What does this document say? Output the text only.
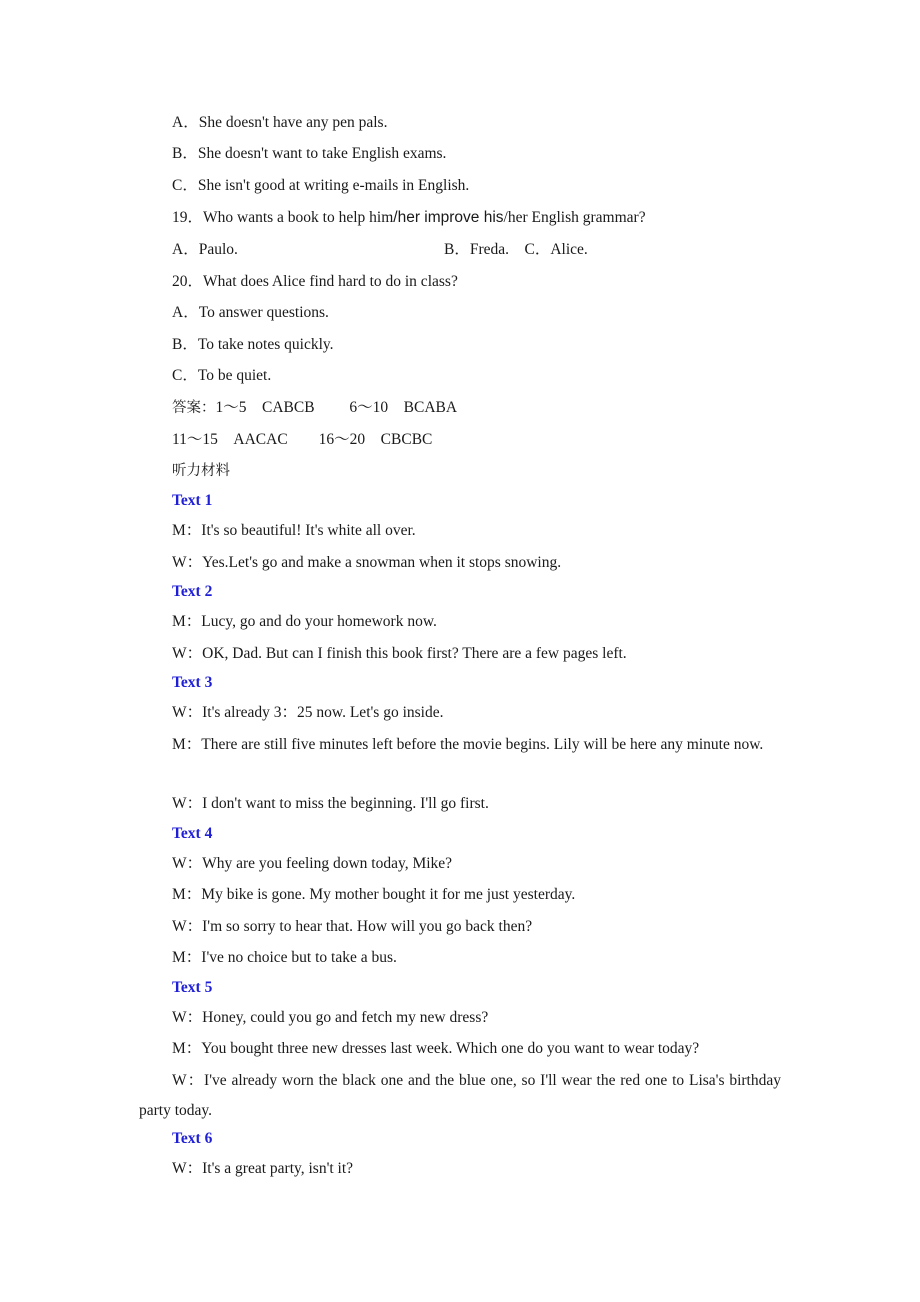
A．She doesn't have any pen pals.
B．She doesn't want to take English exams.
C．She isn't good at writing e-mails in English.
19．Who wants a book to help him/her improve his/her English grammar?
A．Paulo.	B．Freda.　C．Alice.
20．What does Alice find hard to do in class?
A．To answer questions.
B．To take notes quickly.
C．To be quiet.
答案：1～5　CABCB　　 6～10　BCABA
11～15　AACAC　　16～20　CBCBC
听力材料
Text 1
M：It's so beautiful! It's white all over.
W：Yes.Let's go and make a snowman when it stops snowing.
Text 2
M：Lucy, go and do your homework now.
W：OK, Dad. But can I finish this book first? There are a few pages left.
Text 3
W：It's already 3：25 now. Let's go inside.
M：There are still five minutes left before the movie begins. Lily will be here any minute now.
W：I don't want to miss the beginning. I'll go first.
Text 4
W：Why are you feeling down today, Mike?
M：My bike is gone. My mother bought it for me just yesterday.
W：I'm so sorry to hear that. How will you go back then?
M：I've no choice but to take a bus.
Text 5
W：Honey, could you go and fetch my new dress?
M：You bought three new dresses last week. Which one do you want to wear today?
W：I've already worn the black one and the blue one, so I'll wear the red one to Lisa's birthday party today.
Text 6
W：It's a great party, isn't it?
